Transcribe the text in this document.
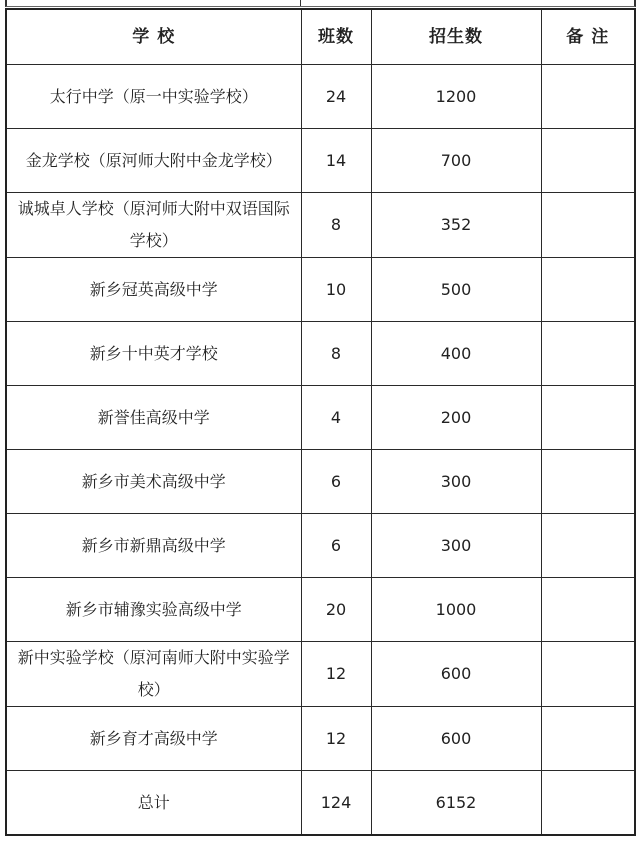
学 校	班数	招生数	备 注
太行中学（原一中实验学校）	24	1200	
金龙学校（原河师大附中金龙学校）	14	700	
诚城卓人学校（原河师大附中双语国际学校）	8	352	
新乡冠英高级中学	10	500	
新乡十中英才学校	8	400	
新誉佳高级中学	4	200	
新乡市美术高级中学	6	300	
新乡市新鼎高级中学	6	300	
新乡市辅豫实验高级中学	20	1000	
新中实验学校（原河南师大附中实验学校）	12	600	
新乡育才高级中学	12	600	
总计	124	6152	
